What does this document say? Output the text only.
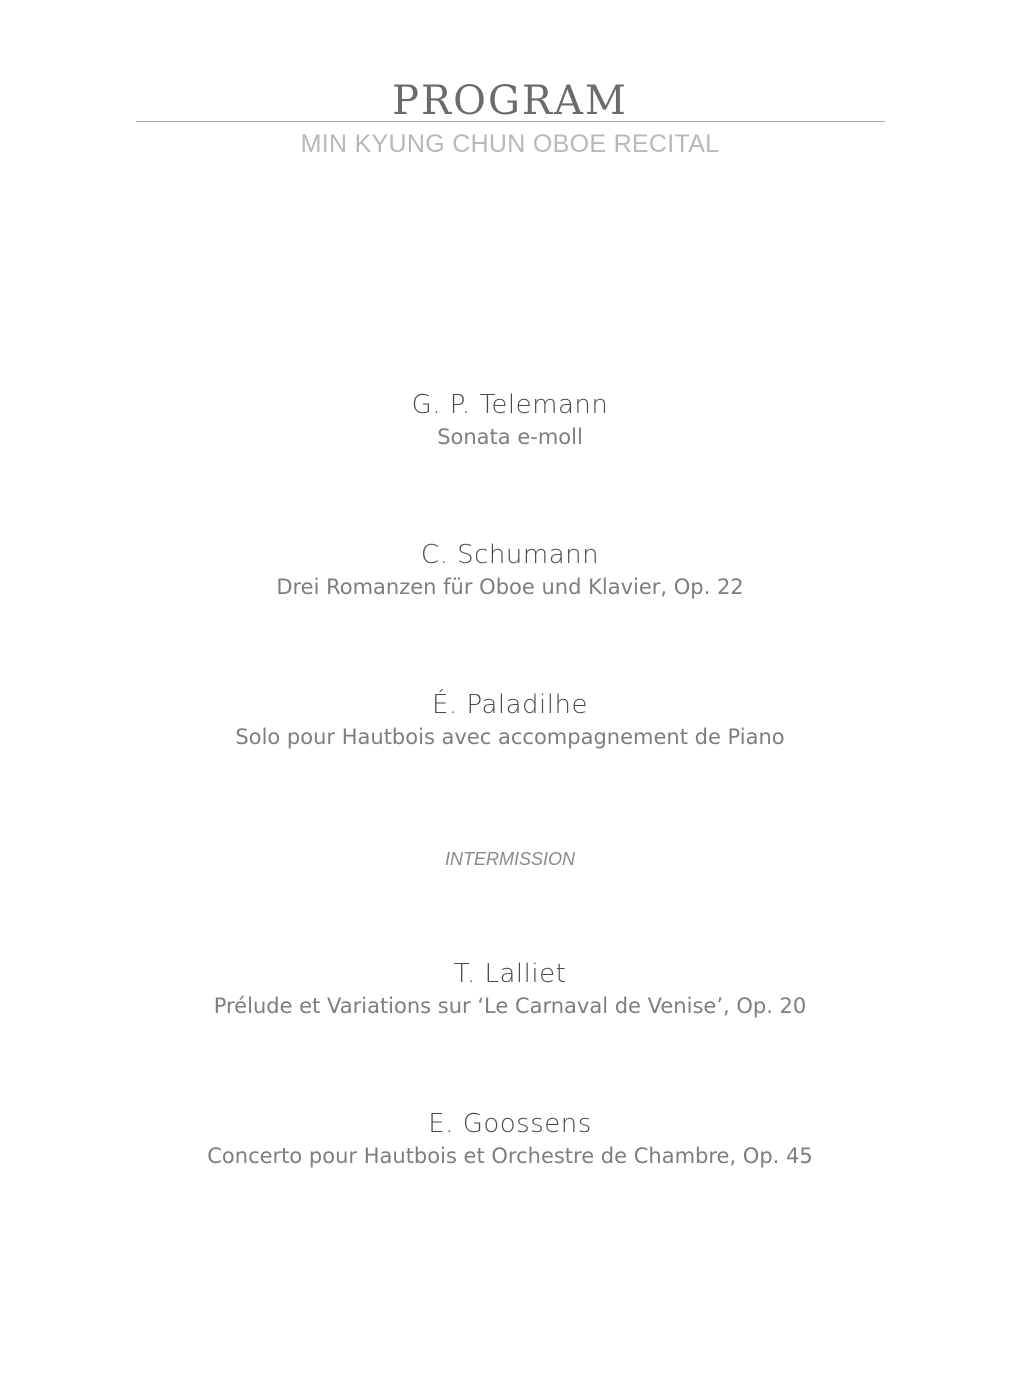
PROGRAM
MIN KYUNG CHUN OBOE RECITAL
G. P. Telemann
Sonata e-moll
C. Schumann
Drei Romanzen für Oboe und Klavier, Op. 22
É. Paladilhe
Solo pour Hautbois avec accompagnement de Piano
INTERMISSION
T. Lalliet
Prélude et Variations sur ‘Le Carnaval de Venise’, Op. 20
E. Goossens
Concerto pour Hautbois et Orchestre de Chambre, Op. 45
